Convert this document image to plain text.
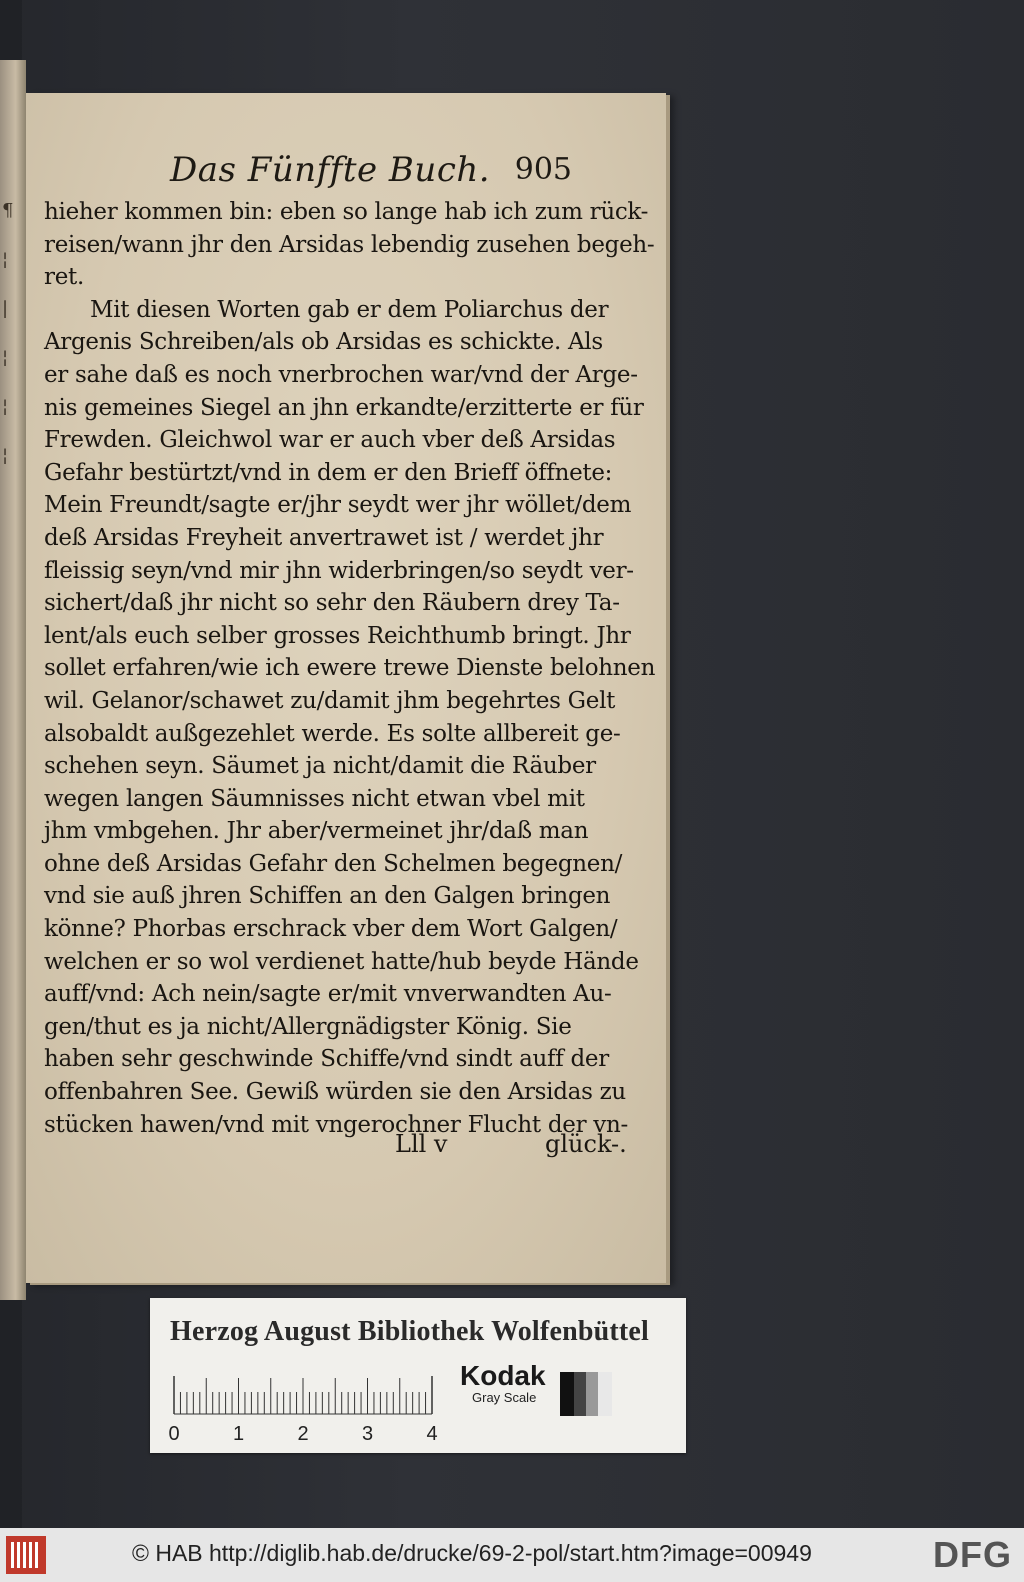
¶
¦
|
¦
¦
¦
Das Fünffte Buch. 905
hieher kommen bin: eben so lange hab ich zum rück-
reisen/wann jhr den Arsidas lebendig zusehen begeh-
ret.
Mit diesen Worten gab er dem Poliarchus der
Argenis Schreiben/als ob Arsidas es schickte. Als
er sahe daß es noch vnerbrochen war/vnd der Arge-
nis gemeines Siegel an jhn erkandte/erzitterte er für
Frewden. Gleichwol war er auch vber deß Arsidas
Gefahr bestürtzt/vnd in dem er den Brieff öffnete:
Mein Freundt/sagte er/jhr seydt wer jhr wöllet/dem
deß Arsidas Freyheit anvertrawet ist / werdet jhr
fleissig seyn/vnd mir jhn widerbringen/so seydt ver-
sichert/daß jhr nicht so sehr den Räubern drey Ta-
lent/als euch selber grosses Reichthumb bringt. Jhr
sollet erfahren/wie ich ewere trewe Dienste belohnen
wil. Gelanor/schawet zu/damit jhm begehrtes Gelt
alsobaldt außgezehlet werde. Es solte allbereit ge-
schehen seyn. Säumet ja nicht/damit die Räuber
wegen langen Säumnisses nicht etwan vbel mit
jhm vmbgehen. Jhr aber/vermeinet jhr/daß man
ohne deß Arsidas Gefahr den Schelmen begegnen/
vnd sie auß jhren Schiffen an den Galgen bringen
könne? Phorbas erschrack vber dem Wort Galgen/
welchen er so wol verdienet hatte/hub beyde Hände
auff/vnd: Ach nein/sagte er/mit vnverwandten Au-
gen/thut es ja nicht/Allergnädigster König. Sie
haben sehr geschwinde Schiffe/vnd sindt auff der
offenbahren See. Gewiß würden sie den Arsidas zu
stücken hawen/vnd mit vngerochner Flucht der vn-
Lll v	glück-.
Herzog August Bibliothek Wolfenbüttel
0	1	2	3	4
Kodak
Gray Scale
© HAB http://diglib.hab.de/drucke/69-2-pol/start.htm?image=00949	DFG
